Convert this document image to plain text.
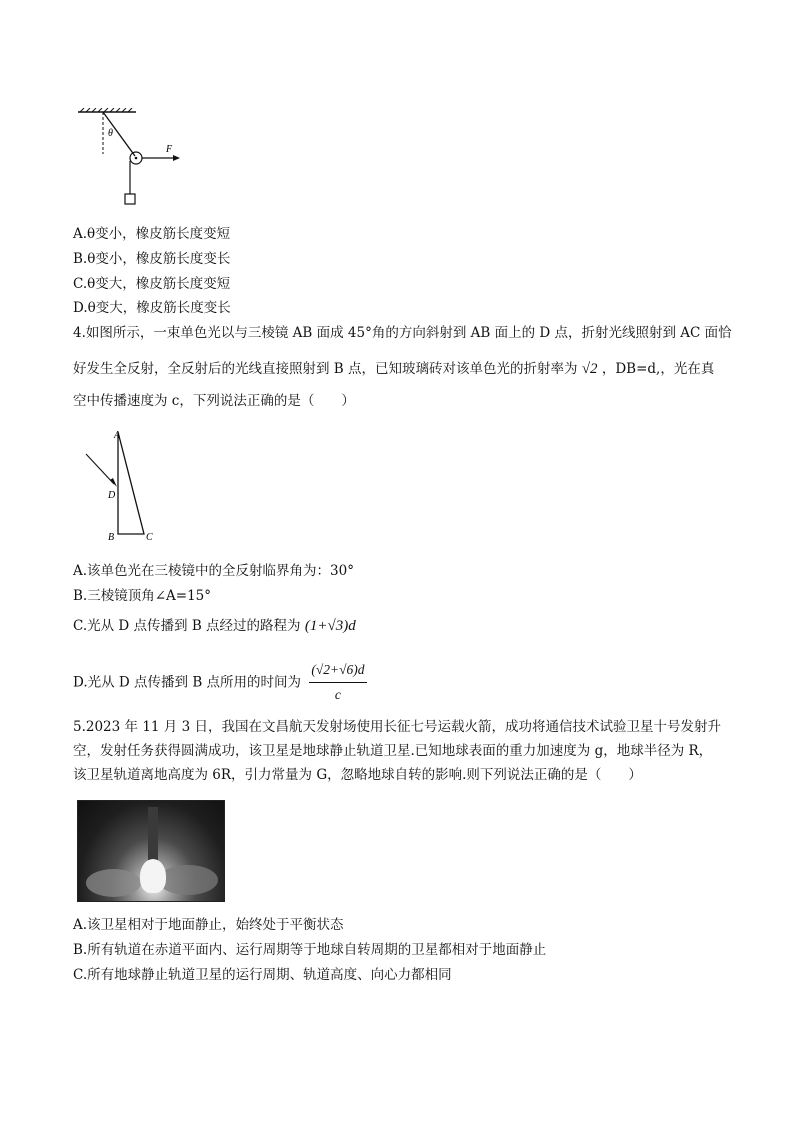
θ
F
A.θ变小，橡皮筋长度变短
B.θ变小，橡皮筋长度变长
C.θ变大，橡皮筋长度变短
D.θ变大，橡皮筋长度变长
4.如图所示，一束单色光以与三棱镜 AB 面成 45°角的方向斜射到 AB 面上的 D 点，折射光线照射到 AC 面恰
好发生全反射，全反射后的光线直接照射到 B 点，已知玻璃砖对该单色光的折射率为 √2 ，DB=d,，光在真
空中传播速度为 c，下列说法正确的是（　　）
A
D
B	C
A.该单色光在三棱镜中的全反射临界角为：30°
B.三棱镜顶角∠A=15°
C.光从 D 点传播到 B 点经过的路程为 (1+√3)d
D.光从 D 点传播到 B 点所用的时间为 $\frac{(√2+√6)d}{c}$
5.2023 年 11 月 3 日，我国在文昌航天发射场使用长征七号运载火箭，成功将通信技术试验卫星十号发射升
空，发射任务获得圆满成功，该卫星是地球静止轨道卫星.已知地球表面的重力加速度为 g，地球半径为 R，
该卫星轨道离地高度为 6R，引力常量为 G，忽略地球自转的影响.则下列说法正确的是（　　）
A.该卫星相对于地面静止，始终处于平衡状态
B.所有轨道在赤道平面内、运行周期等于地球自转周期的卫星都相对于地面静止
C.所有地球静止轨道卫星的运行周期、轨道高度、向心力都相同
